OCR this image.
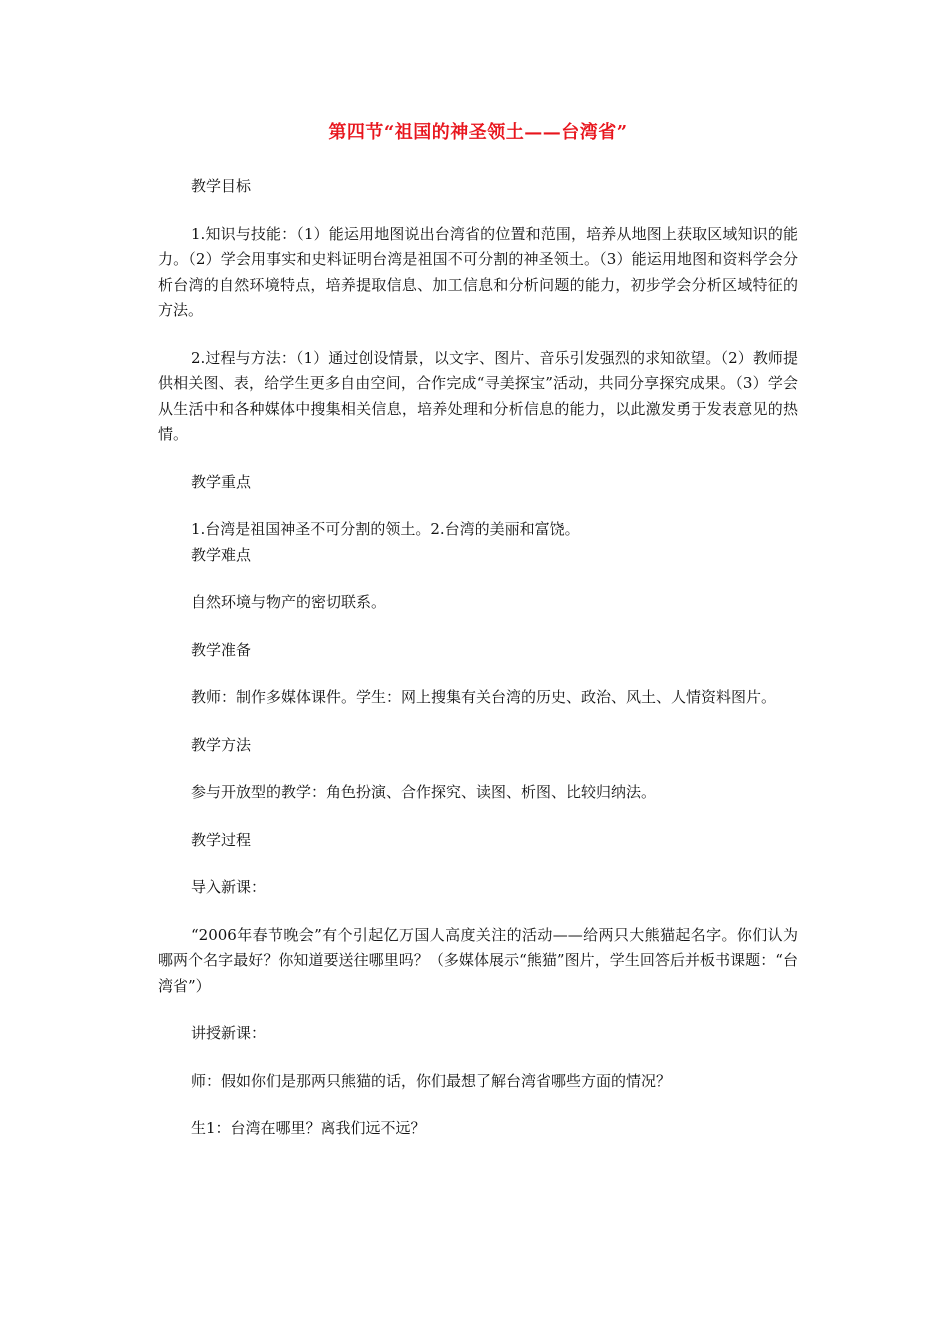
第四节“祖国的神圣领土——台湾省”
教学目标
1.知识与技能：（1）能运用地图说出台湾省的位置和范围，培养从地图上获取区域知识的能力。（2）学会用事实和史料证明台湾是祖国不可分割的神圣领土。（3）能运用地图和资料学会分析台湾的自然环境特点，培养提取信息、加工信息和分析问题的能力，初步学会分析区域特征的方法。
2.过程与方法：（1）通过创设情景，以文字、图片、音乐引发强烈的求知欲望。（2）教师提供相关图、表，给学生更多自由空间，合作完成“寻美探宝”活动，共同分享探究成果。（3）学会从生活中和各种媒体中搜集相关信息，培养处理和分析信息的能力，以此激发勇于发表意见的热情。
教学重点
1.台湾是祖国神圣不可分割的领土。2.台湾的美丽和富饶。
教学难点
自然环境与物产的密切联系。
教学准备
教师：制作多媒体课件。学生：网上搜集有关台湾的历史、政治、风土、人情资料图片。
教学方法
参与开放型的教学：角色扮演、合作探究、读图、析图、比较归纳法。
教学过程
导入新课：
“2006年春节晚会”有个引起亿万国人高度关注的活动——给两只大熊猫起名字。你们认为哪两个名字最好？你知道要送往哪里吗？（多媒体展示“熊猫”图片，学生回答后并板书课题：“台湾省”）
讲授新课：
师：假如你们是那两只熊猫的话，你们最想了解台湾省哪些方面的情况？
生1：台湾在哪里？离我们远不远？
